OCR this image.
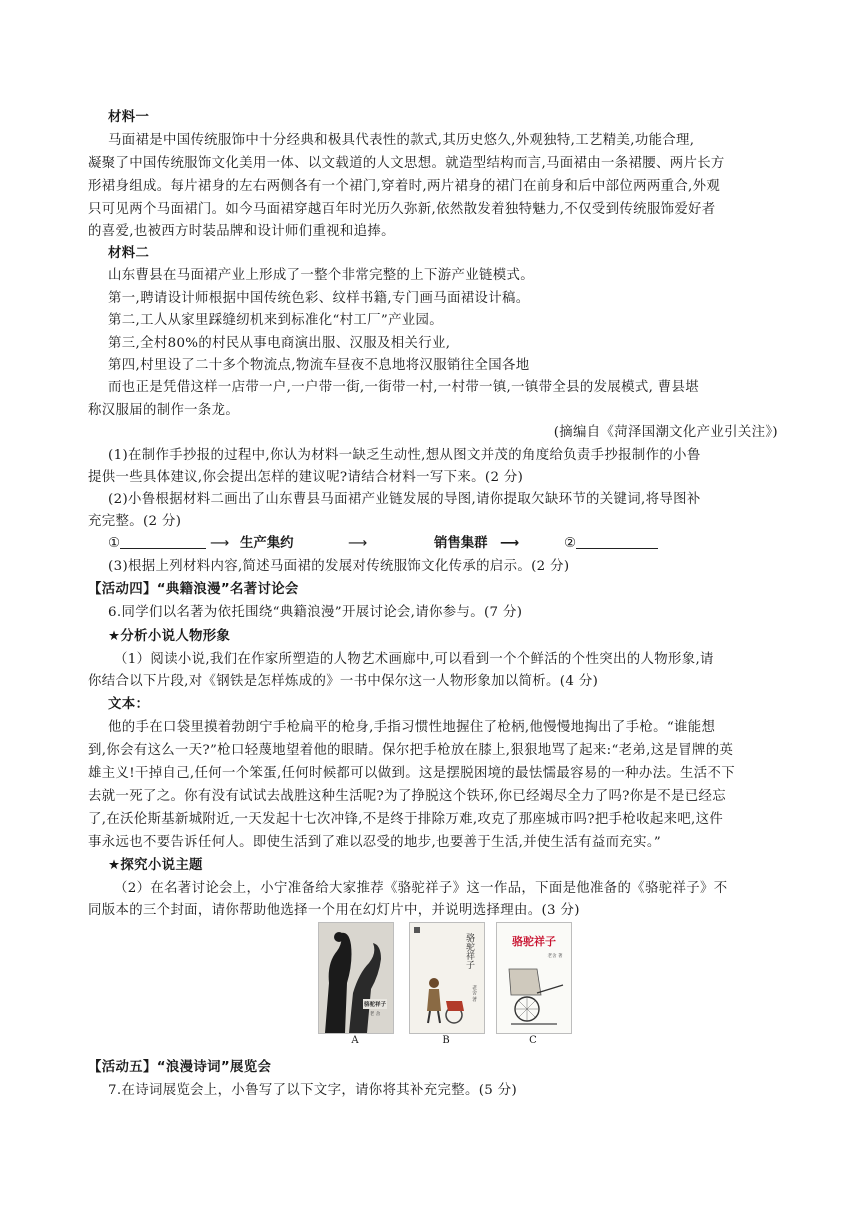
材料一
马面裙是中国传统服饰中十分经典和极具代表性的款式,其历史悠久,外观独特,工艺精美,功能合理,
凝聚了中国传统服饰文化美用一体、以文载道的人文思想。就造型结构而言,马面裙由一条裙腰、两片长方
形裙身组成。每片裙身的左右两侧各有一个裙门,穿着时,两片裙身的裙门在前身和后中部位两两重合,外观
只可见两个马面裙门。如今马面裙穿越百年时光历久弥新,依然散发着独特魅力,不仅受到传统服饰爱好者
的喜爱,也被西方时装品牌和设计师们重视和追捧。
材料二
山东曹县在马面裙产业上形成了一整个非常完整的上下游产业链模式。
第一,聘请设计师根据中国传统色彩、纹样书籍,专门画马面裙设计稿。
第二,工人从家里踩缝纫机来到标准化“村工厂”产业园。
第三,全村80%的村民从事电商演出服、汉服及相关行业,
第四,村里设了二十多个物流点,物流车昼夜不息地将汉服销往全国各地
而也正是凭借这样一店带一户,一户带一街,一街带一村,一村带一镇,一镇带全县的发展模式, 曹县堪
称汉服届的制作一条龙。
(摘编自《菏泽国潮文化产业引关注》)
(1)在制作手抄报的过程中,你认为材料一缺乏生动性,想从图文并茂的角度给负责手抄报制作的小鲁
提供一些具体建议,你会提出怎样的建议呢?请结合材料一写下来。(2 分)
(2)小鲁根据材料二画出了山东曹县马面裙产业链发展的导图,请你提取欠缺环节的关键词,将导图补
充完整。(2 分)
①	⟶ 生产集约	⟶	销售集群 ⟶	②
(3)根据上列材料内容,简述马面裙的发展对传统服饰文化传承的启示。(2 分)
【活动四】“典籍浪漫”名著讨论会
6.同学们以名著为依托围绕“典籍浪漫”开展讨论会,请你参与。(7 分)
★分析小说人物形象
（1）阅读小说,我们在作家所塑造的人物艺术画廊中,可以看到一个个鲜活的个性突出的人物形象,请
你结合以下片段,对《钢铁是怎样炼成的》一书中保尔这一人物形象加以简析。(4 分)
文本：
他的手在口袋里摸着勃朗宁手枪扁平的枪身,手指习惯性地握住了枪柄,他慢慢地掏出了手枪。“谁能想
到,你会有这么一天?”枪口轻蔑地望着他的眼睛。保尔把手枪放在膝上,狠狠地骂了起来:“老弟,这是冒牌的英
雄主义!干掉自己,任何一个笨蛋,任何时候都可以做到。这是摆脱困境的最怯懦最容易的一种办法。生活不下
去就一死了之。你有没有试试去战胜这种生活呢?为了挣脱这个铁环,你已经竭尽全力了吗?你是不是已经忘
了,在沃伦斯基新城附近,一天发起十七次冲锋,不是终于排除万难,攻克了那座城市吗?把手枪收起来吧,这件
事永远也不要告诉任何人。即使生活到了难以忍受的地步,也要善于生活,并使生活有益而充实。”
★探究小说主题
（2）在名著讨论会上，小宁准备给大家推荐《骆驼祥子》这一作品，下面是他准备的《骆驼祥子》不
同版本的三个封面，请你帮助他选择一个用在幻灯片中，并说明选择理由。(3 分)
骆驼祥子
老 舍
A
骆驼祥子
老舍 著
B
骆驼祥子
老舍 著
C
【活动五】“浪漫诗词”展览会
7.在诗词展览会上，小鲁写了以下文字，请你将其补充完整。(5 分)
